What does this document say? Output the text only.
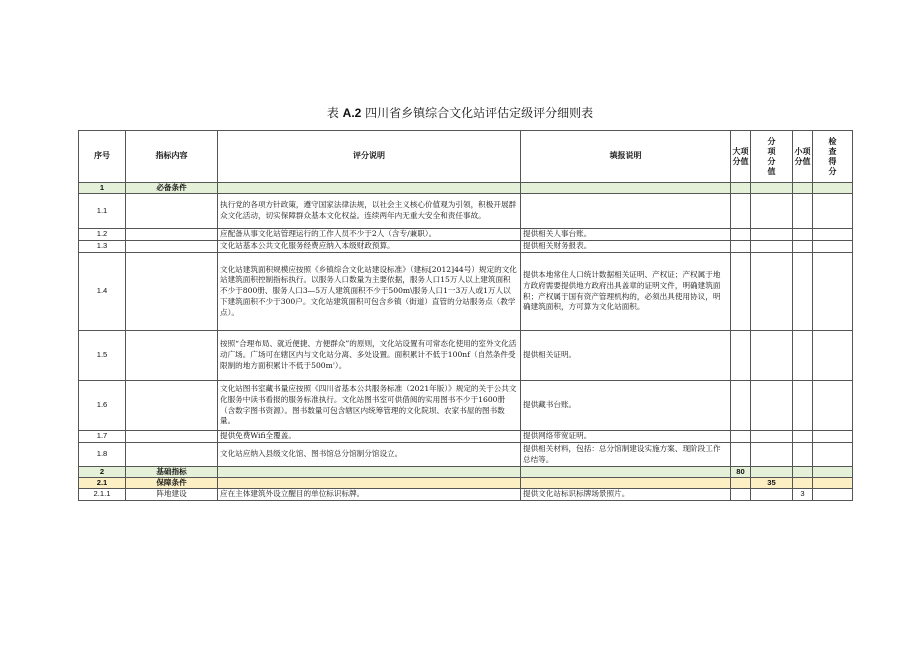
表 A.2 四川省乡镇综合文化站评估定级评分细则表
序号	指标内容	评分说明	填报说明	大项分值	分项分值	小项分值	检查得分
1	必备条件						
1.1		执行党的各项方针政策，遵守国家法律法规，以社会主义核心价值观为引领，积极开展群众文化活动，切实保障群众基本文化权益。连续两年内无重大安全和责任事故。					
1.2		应配备从事文化站管理运行的工作人员不少于2人（含专/兼职）。	提供相关人事台账。				
1.3		文化站基本公共文化服务经费应纳入本级财政预算。	提供相关财务报表。				
1.4		文化站建筑面积规模应按照《乡镇综合文化站建设标准》（建标[2012]44号）规定的文化站建筑面积控制指标执行。以服务人口数量为主要依据，服务人口15万人以上建筑面积不少于800册、服务人口3—5万人建筑面积不少于500m\服务人口1一3万人或1万人以下建筑面积不少于300户。文化站建筑面积可包含乡镇（街道）直管的分站服务点（教学点）。	提供本地常住人口统计数据相关证明、产权证；产权属于地方政府需要提供地方政府出具盖章的证明文件，明确建筑面积；产权属于国有资产管理机构的，必须出具使用协议，明确建筑面积，方可算为文化站面积。				
1.5		按照“合理布局、就近便捷、方便群众”的原则，文化站设置有可常态化使用的室外文化活动广场。广场可在辖区内与文化站分离、多处设置。面积累计不低于100nf（自然条件受限制的地方面积累计不低于500m'）。	提供相关证明。				
1.6		文化站图书室藏书量应按照《四川省基本公共服务标准（2021年版）》规定的关于公共文化服务中读书看报的服务标准执行。文化站图书室可供借阅的实用图书不少于1600册（含数字图书资源）。图书数量可包含辖区内统筹管理的文化院坝、农家书屋的图书数量。	提供藏书台账。				
1.7		提供免费Wifi全覆盖。	提供网络带宽证明。				
1.8		文化站应纳入县级文化馆、图书馆总分馆制分馆设立。	提供相关材料，包括：总分馆制建设实施方案、现阶段工作总结等。				
2	基础指标			80			
2.1	保障条件				35		
2.1.1	阵地建设	应在主体建筑外设立醒目的单位标识标牌。	提供文化站标识标牌场景照片。			3	
